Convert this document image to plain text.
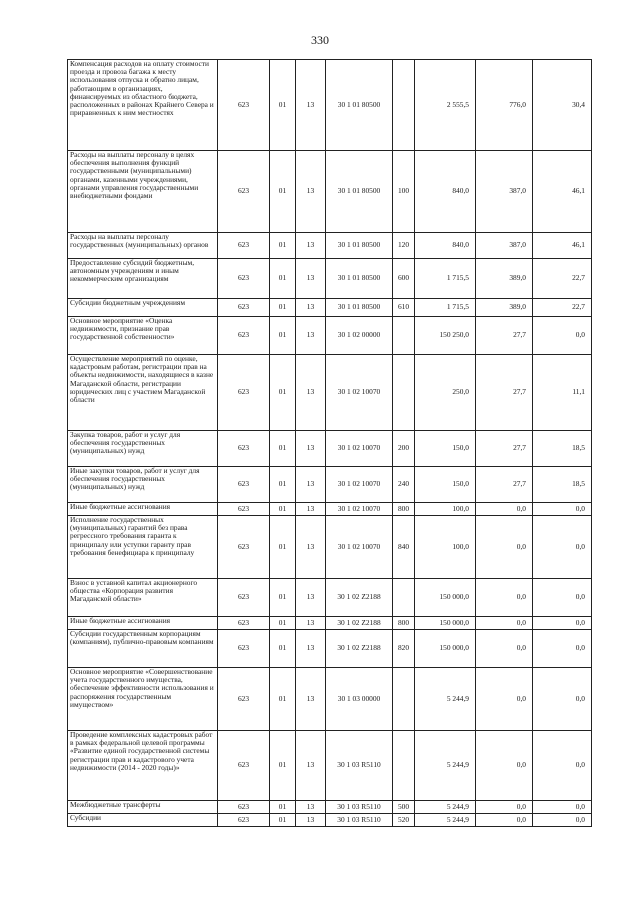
330
Компенсация расходов на оплату стоимости проезда и провоза багажа к месту использования отпуска и обратно лицам, работающим в организациях, финансируемых из областного бюджета, расположенных в районах Крайнего Севера и приравненных к ним местностях	623	01	13	30 1 01 80500		2 555,5	776,0	30,4
Расходы на выплаты персоналу в целях обеспечения выполнения функций государственными (муниципальными) органами, казенными учреждениями, органами управления государственными внебюджетными фондами	623	01	13	30 1 01 80500	100	840,0	387,0	46,1
Расходы на выплаты персоналу государственных (муниципальных) органов	623	01	13	30 1 01 80500	120	840,0	387,0	46,1
Предоставление субсидий бюджетным, автономным учреждениям и иным некоммерческим организациям	623	01	13	30 1 01 80500	600	1 715,5	389,0	22,7
Субсидии бюджетным учреждениям	623	01	13	30 1 01 80500	610	1 715,5	389,0	22,7
Основное мероприятие «Оценка недвижимости, признание прав государственной собственности»	623	01	13	30 1 02 00000		150 250,0	27,7	0,0
Осуществление мероприятий по оценке, кадастровым работам, регистрации прав на объекты недвижимости, находящиеся в казне Магаданской области, регистрации юридических лиц с участием Магаданской области	623	01	13	30 1 02 10070		250,0	27,7	11,1
Закупка товаров, работ и услуг для обеспечения государственных (муниципальных) нужд	623	01	13	30 1 02 10070	200	150,0	27,7	18,5
Иные закупки товаров, работ и услуг для обеспечения государственных (муниципальных) нужд	623	01	13	30 1 02 10070	240	150,0	27,7	18,5
Иные бюджетные ассигнования	623	01	13	30 1 02 10070	800	100,0	0,0	0,0
Исполнение государственных (муниципальных) гарантий без права регрессного требования гаранта к принципалу или уступки гаранту прав требования бенефициара к принципалу	623	01	13	30 1 02 10070	840	100,0	0,0	0,0
Взнос в уставной капитал акционерного общества «Корпорация развития Магаданской области»	623	01	13	30 1 02 Z2188		150 000,0	0,0	0,0
Иные бюджетные ассигнования	623	01	13	30 1 02 Z2188	800	150 000,0	0,0	0,0
Субсидии государственным корпорациям (компаниям), публично-правовым компаниям	623	01	13	30 1 02 Z2188	820	150 000,0	0,0	0,0
Основное мероприятие «Совершенствование учета государственного имущества, обеспечение эффективности использования и распоряжения государственным имуществом»	623	01	13	30 1 03 00000		5 244,9	0,0	0,0
Проведение комплексных кадастровых работ в рамках федеральной целевой программы «Развитие единой государственной системы регистрации прав и кадастрового учета недвижимости (2014 - 2020 годы)»	623	01	13	30 1 03 R5110		5 244,9	0,0	0,0
Межбюджетные трансферты	623	01	13	30 1 03 R5110	500	5 244,9	0,0	0,0
Субсидии	623	01	13	30 1 03 R5110	520	5 244,9	0,0	0,0
